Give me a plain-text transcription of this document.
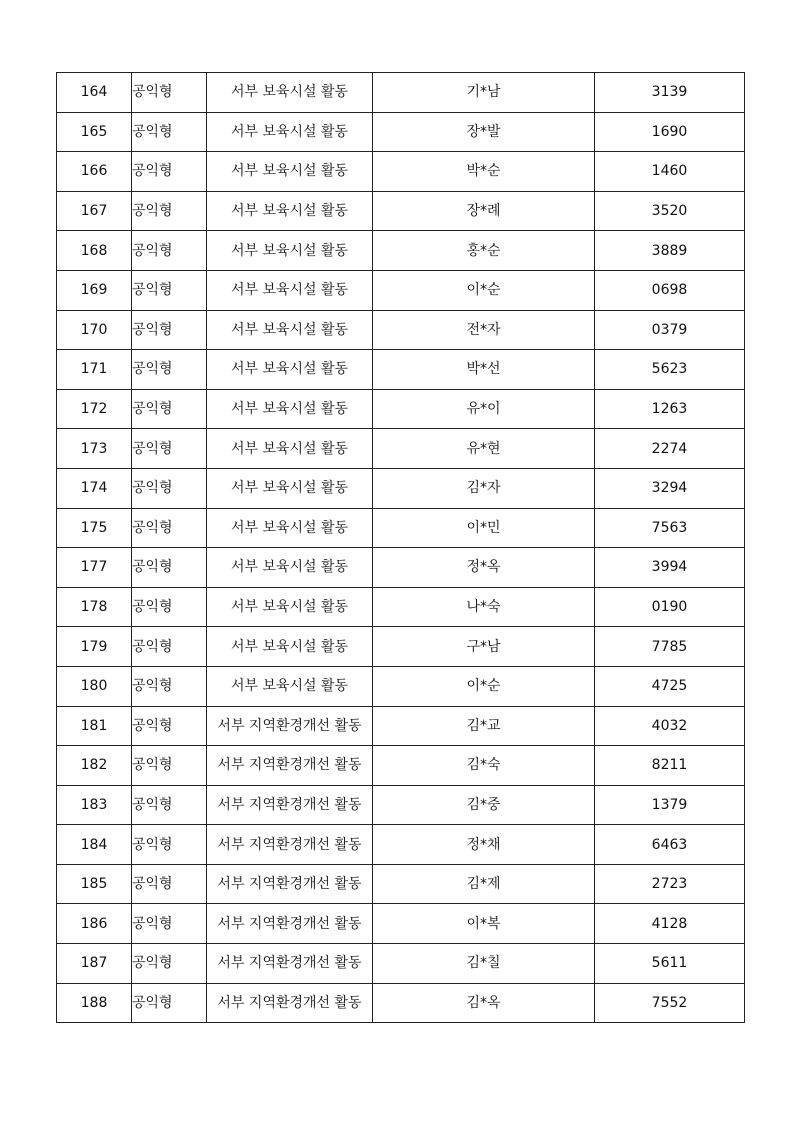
164	공익형	서부 보육시설 활동	기*남	3139
165	공익형	서부 보육시설 활동	장*발	1690
166	공익형	서부 보육시설 활동	박*순	1460
167	공익형	서부 보육시설 활동	장*례	3520
168	공익형	서부 보육시설 활동	홍*순	3889
169	공익형	서부 보육시설 활동	이*순	0698
170	공익형	서부 보육시설 활동	전*자	0379
171	공익형	서부 보육시설 활동	박*선	5623
172	공익형	서부 보육시설 활동	유*이	1263
173	공익형	서부 보육시설 활동	유*현	2274
174	공익형	서부 보육시설 활동	김*자	3294
175	공익형	서부 보육시설 활동	이*민	7563
177	공익형	서부 보육시설 활동	정*옥	3994
178	공익형	서부 보육시설 활동	나*숙	0190
179	공익형	서부 보육시설 활동	구*남	7785
180	공익형	서부 보육시설 활동	이*순	4725
181	공익형	서부 지역환경개선 활동	김*교	4032
182	공익형	서부 지역환경개선 활동	김*숙	8211
183	공익형	서부 지역환경개선 활동	김*중	1379
184	공익형	서부 지역환경개선 활동	정*채	6463
185	공익형	서부 지역환경개선 활동	김*제	2723
186	공익형	서부 지역환경개선 활동	이*복	4128
187	공익형	서부 지역환경개선 활동	김*칠	5611
188	공익형	서부 지역환경개선 활동	김*옥	7552
